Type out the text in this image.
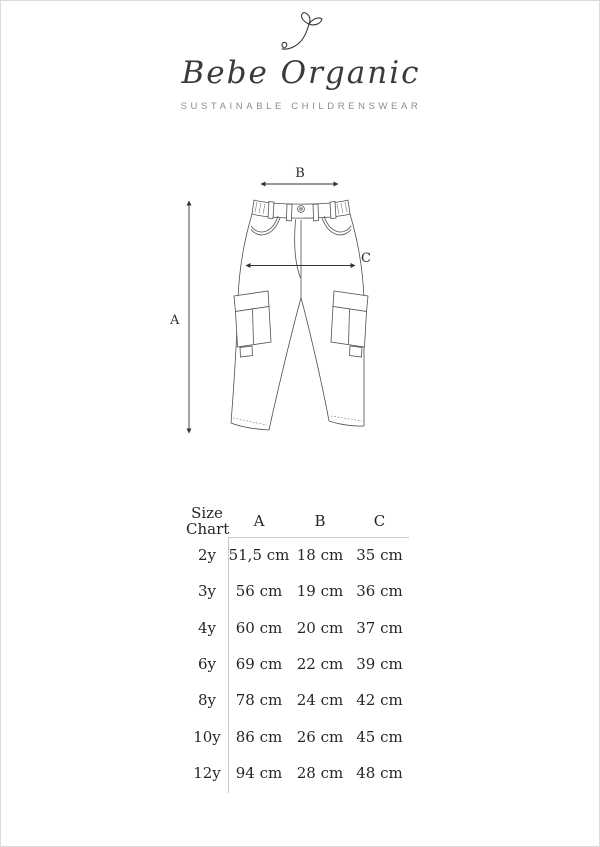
Bebe Organic
SUSTAINABLE CHILDRENSWEAR
A
B
C
Size
Chart	A	B	C
2y 51,5 cm 18 cm 35 cm
3y	56 cm 19 cm 36 cm
4y	60 cm 20 cm 37 cm
6y	69 cm 22 cm 39 cm
8y	78 cm 24 cm 42 cm
10y 86 cm 26 cm 45 cm
12y 94 cm 28 cm 48 cm
